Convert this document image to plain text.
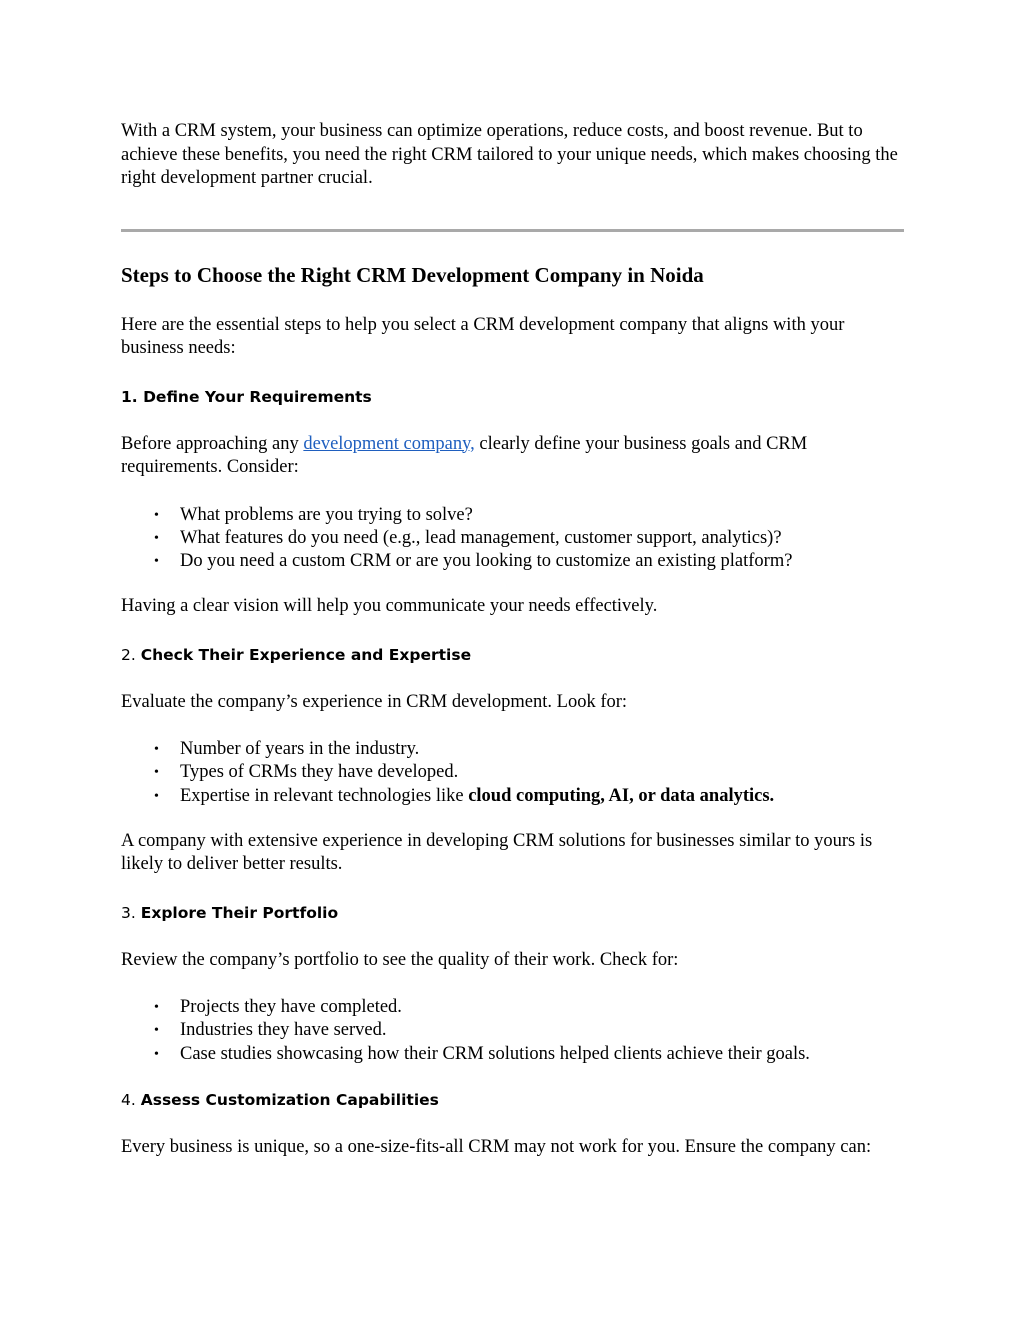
With a CRM system, your business can optimize operations, reduce costs, and boost revenue. But to achieve these benefits, you need the right CRM tailored to your unique needs, which makes choosing the right development partner crucial.

Steps to Choose the Right CRM Development Company in Noida

Here are the essential steps to help you select a CRM development company that aligns with your business needs:

1. Define Your Requirements

Before approaching any development company, clearly define your business goals and CRM requirements. Consider:

• What problems are you trying to solve?
• What features do you need (e.g., lead management, customer support, analytics)?
• Do you need a custom CRM or are you looking to customize an existing platform?

Having a clear vision will help you communicate your needs effectively.

2. Check Their Experience and Expertise

Evaluate the company’s experience in CRM development. Look for:

• Number of years in the industry.
• Types of CRMs they have developed.
• Expertise in relevant technologies like cloud computing, AI, or data analytics.

A company with extensive experience in developing CRM solutions for businesses similar to yours is likely to deliver better results.

3. Explore Their Portfolio

Review the company’s portfolio to see the quality of their work. Check for:

• Projects they have completed.
• Industries they have served.
• Case studies showcasing how their CRM solutions helped clients achieve their goals.
4. Assess Customization Capabilities

Every business is unique, so a one-size-fits-all CRM may not work for you. Ensure the company can:
